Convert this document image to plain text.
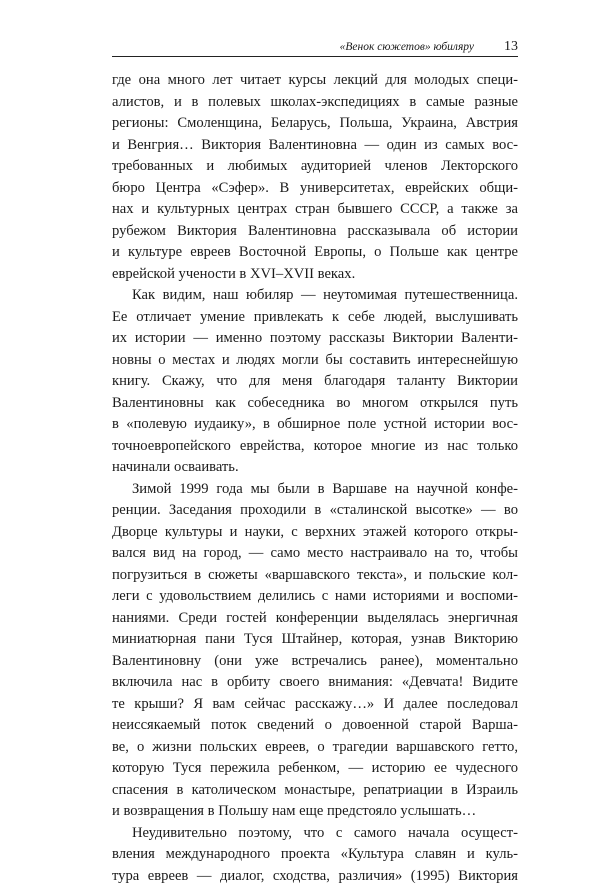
«Венок сюжетов» юбиляру 13

где она много лет читает курсы лекций для молодых специ-
алистов, и в полевых школах-экспедициях в самые разные
регионы: Смоленщина, Беларусь, Польша, Украина, Австрия
и Венгрия… Виктория Валентиновна — один из самых вос-
требованных и любимых аудиторией членов Лекторского
бюро Центра «Сэфер». В университетах, еврейских общи-
нах и культурных центрах стран бывшего СССР, а также за
рубежом Виктория Валентиновна рассказывала об истории
и культуре евреев Восточной Европы, о Польше как центре
еврейской учености в XVI–XVII веках.

Как видим, наш юбиляр — неутомимая путешественница.
Ее отличает умение привлекать к себе людей, выслушивать
их истории — именно поэтому рассказы Виктории Валенти-
новны о местах и людях могли бы составить интереснейшую
книгу. Скажу, что для меня благодаря таланту Виктории
Валентиновны как собеседника во многом открылся путь
в «полевую иудаику», в обширное поле устной истории вос-
точноевропейского еврейства, которое многие из нас только
начинали осваивать.

Зимой 1999 года мы были в Варшаве на научной конфе-
ренции. Заседания проходили в «сталинской высотке» — во
Дворце культуры и науки, с верхних этажей которого откры-
вался вид на город, — само место настраивало на то, чтобы
погрузиться в сюжеты «варшавского текста», и польские кол-
леги с удовольствием делились с нами историями и воспоми-
наниями. Среди гостей конференции выделялась энергичная
миниатюрная пани Туся Штайнер, которая, узнав Викторию
Валентиновну (они уже встречались ранее), моментально
включила нас в орбиту своего внимания: «Девчата! Видите
те крыши? Я вам сейчас расскажу…» И далее последовал
неиссякаемый поток сведений о довоенной старой Варша-
ве, о жизни польских евреев, о трагедии варшавского гетто,
которую Туся пережила ребенком, — историю ее чудесного
спасения в католическом монастыре, репатриации в Израиль
и возвращения в Польшу нам еще предстояло услышать…

Неудивительно поэтому, что с самого начала осущест-
вления международного проекта «Культура славян и куль-
тура евреев — диалог, сходства, различия» (1995) Виктория
